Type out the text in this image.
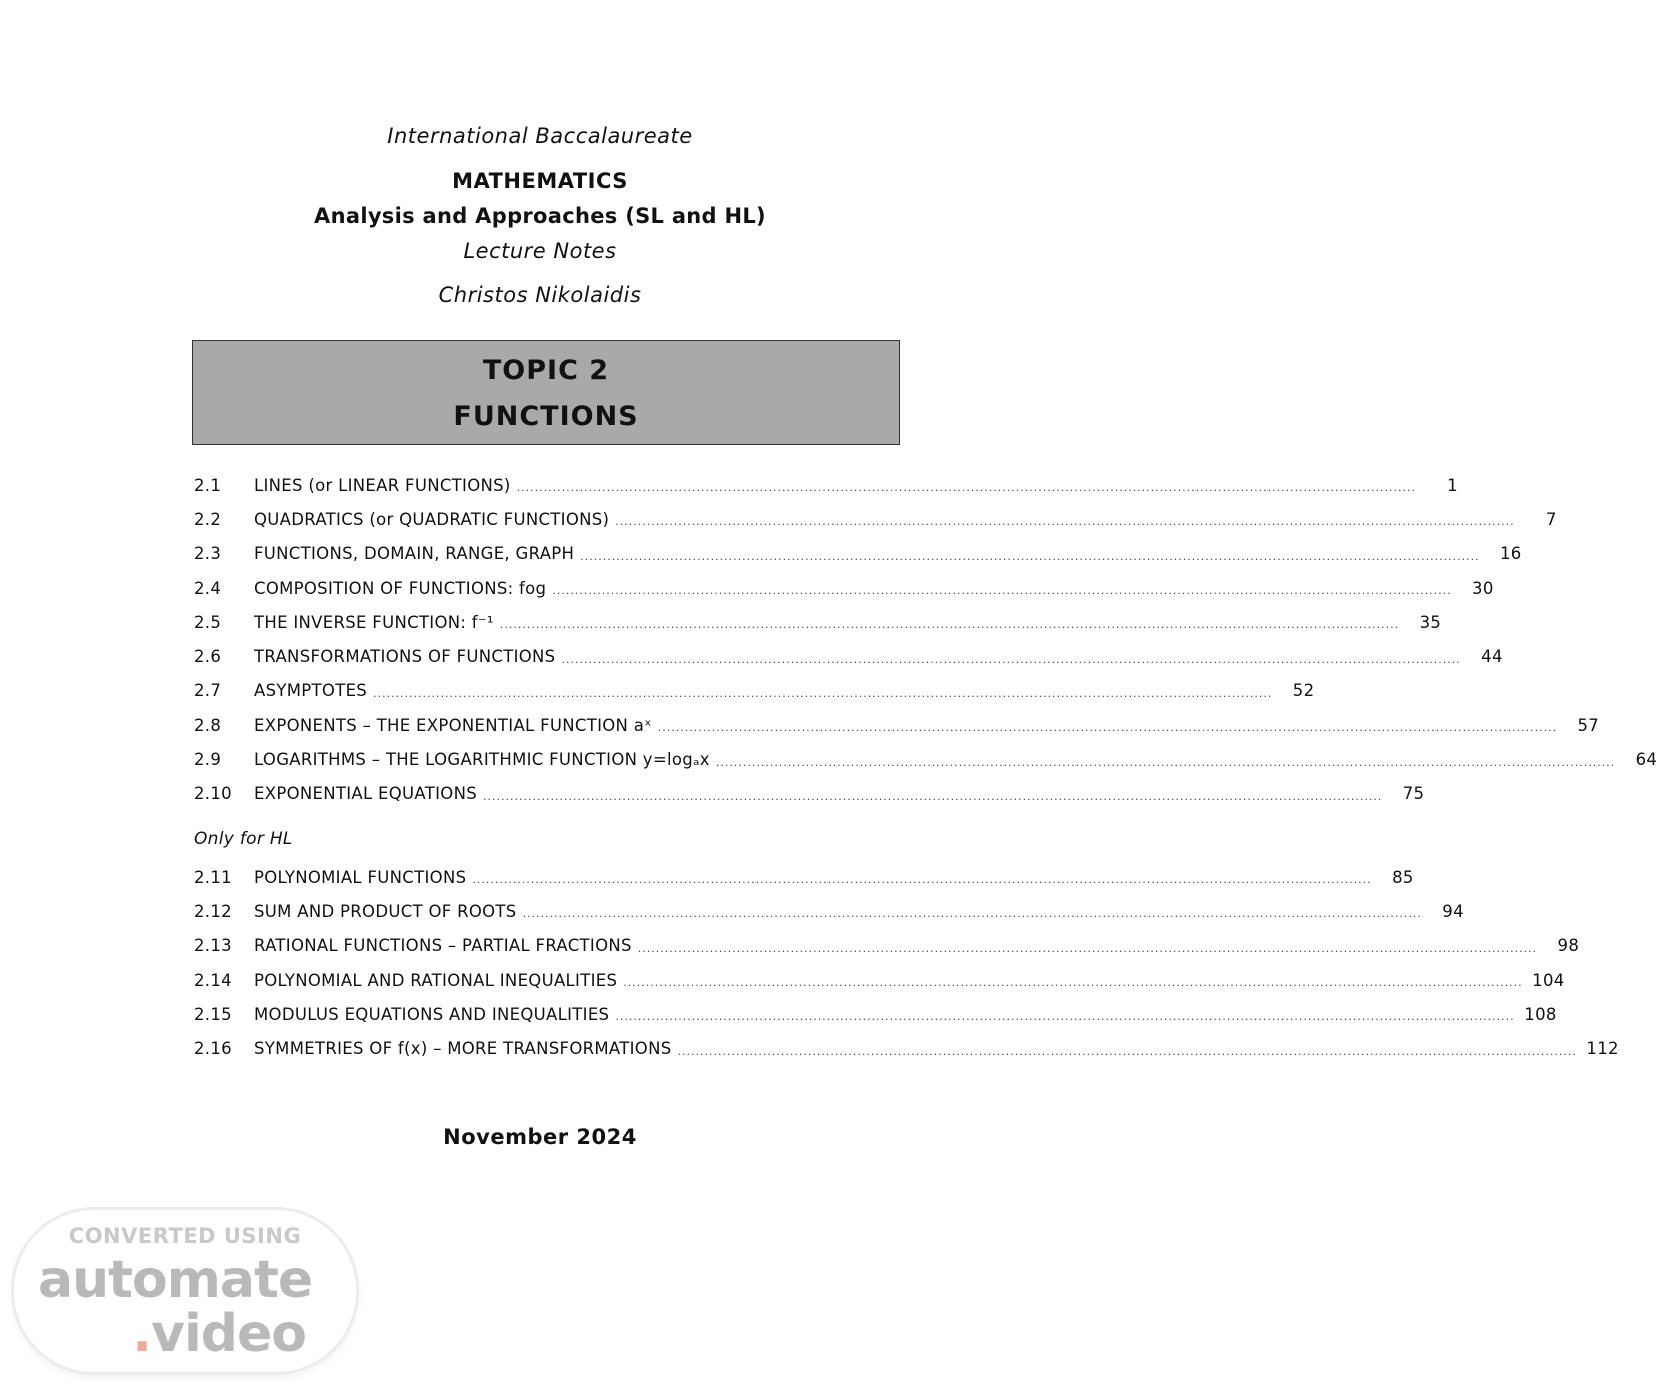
International Baccalaureate
MATHEMATICS
Analysis and Approaches (SL and HL)
Lecture Notes
Christos Nikolaidis
TOPIC 2
FUNCTIONS
2.1	LINES (or LINEAR FUNCTIONS) ........................................................................................................................................................................................................	1
2.2	QUADRATICS (or QUADRATIC FUNCTIONS) ........................................................................................................................................................................................................	7
2.3	FUNCTIONS, DOMAIN, RANGE, GRAPH ........................................................................................................................................................................................................	16
2.4	COMPOSITION OF FUNCTIONS: fog ........................................................................................................................................................................................................	30
2.5	THE INVERSE FUNCTION: f⁻¹ ........................................................................................................................................................................................................	35
2.6	TRANSFORMATIONS OF FUNCTIONS ........................................................................................................................................................................................................	44
2.7	ASYMPTOTES ........................................................................................................................................................................................................	52
2.8	EXPONENTS – THE EXPONENTIAL FUNCTION aˣ ........................................................................................................................................................................................................	57
2.9	LOGARITHMS – THE LOGARITHMIC FUNCTION y=logₐx ........................................................................................................................................................................................................	64
2.10	EXPONENTIAL EQUATIONS ........................................................................................................................................................................................................	75
Only for HL
2.11	POLYNOMIAL FUNCTIONS ........................................................................................................................................................................................................	85
2.12	SUM AND PRODUCT OF ROOTS ........................................................................................................................................................................................................	94
2.13	RATIONAL FUNCTIONS – PARTIAL FRACTIONS ........................................................................................................................................................................................................	98
2.14	POLYNOMIAL AND RATIONAL INEQUALITIES ........................................................................................................................................................................................................ 104
2.15	MODULUS EQUATIONS AND INEQUALITIES ........................................................................................................................................................................................................ 108
2.16	SYMMETRIES OF f(x) – MORE TRANSFORMATIONS ........................................................................................................................................................................................................ 112
November 2024
CONVERTED USING
automate
.video
